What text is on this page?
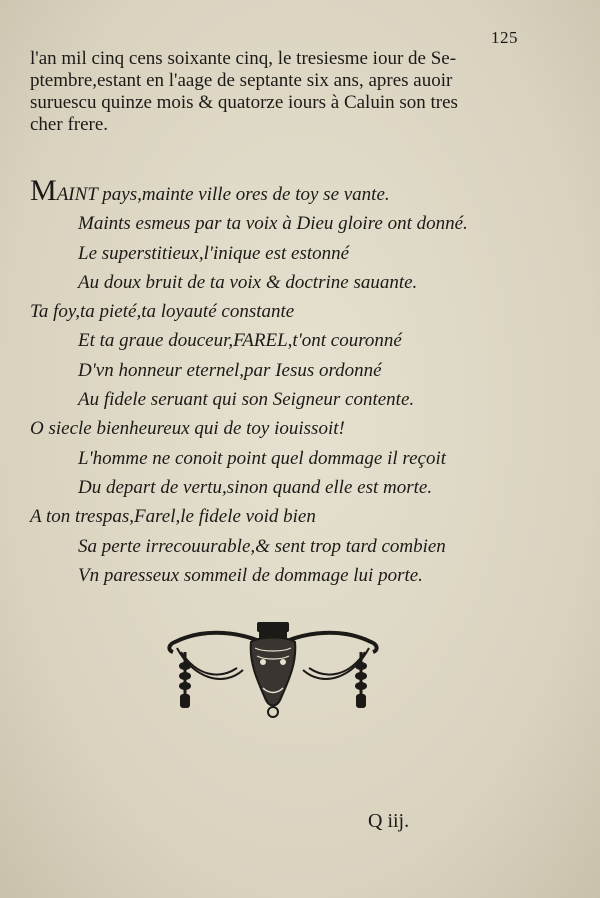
125
l'an mil cinq cens soixante cinq, le tresiesme iour de Se-
ptembre,estant en l'aage de septante six ans, apres auoir
suruescu quinze mois & quatorze iours à Caluin son tres
cher frere.
MAINT pays,mainte ville ores de toy se vante.
Maints esmeus par ta voix à Dieu gloire ont donné.
Le superstitieux,l'inique est estonné
Au doux bruit de ta voix & doctrine sauante.
Ta foy,ta pieté,ta loyauté constante
Et ta graue douceur,FAREL,t'ont couronné
D'vn honneur eternel,par Iesus ordonné
Au fidele seruant qui son Seigneur contente.
O siecle bienheureux qui de toy iouissoit!
L'homme ne conoit point quel dommage il reçoit
Du depart de vertu,sinon quand elle est morte.
A ton trespas,Farel,le fidele void bien
Sa perte irrecouurable,& sent trop tard combien
Vn paresseux sommeil de dommage lui porte.
Q iij.
